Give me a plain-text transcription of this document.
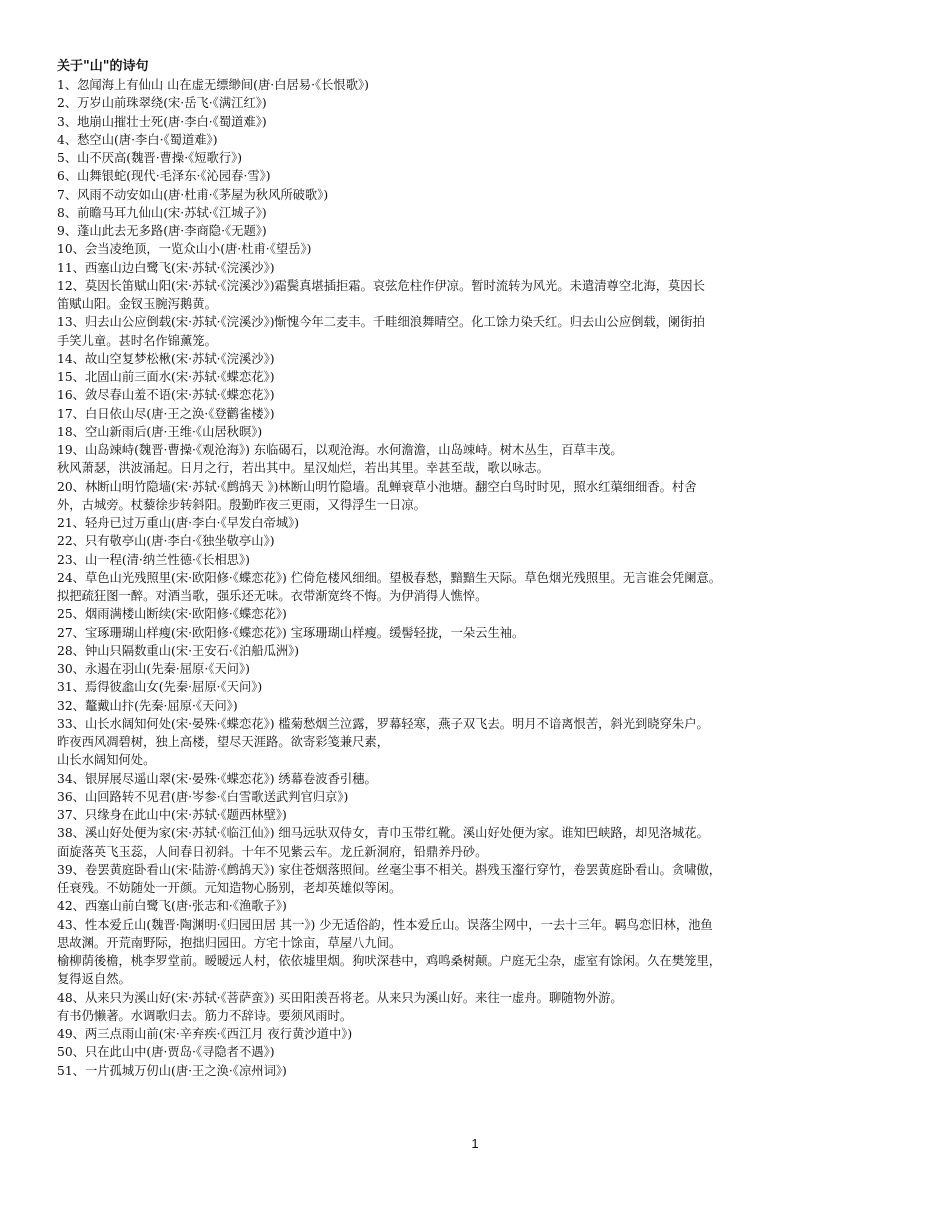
关于"山"的诗句

1、忽闻海上有仙山 山在虚无缥缈间(唐·白居易·《长恨歌》)
2、万岁山前珠翠绕(宋·岳飞·《满江红》)
3、地崩山摧壮士死(唐·李白·《蜀道难》)
4、愁空山(唐·李白·《蜀道难》)
5、山不厌高(魏晋·曹操·《短歌行》)
6、山舞银蛇(现代·毛泽东·《沁园春·雪》)
7、风雨不动安如山(唐·杜甫·《茅屋为秋风所破歌》)
8、前瞻马耳九仙山(宋·苏轼·《江城子》)
9、蓬山此去无多路(唐·李商隐·《无题》)
10、会当凌绝顶，一览众山小(唐·杜甫·《望岳》)
11、西塞山边白鹭飞(宋·苏轼·《浣溪沙》)
12、莫因长笛赋山阳(宋·苏轼·《浣溪沙》)霜鬓真堪插拒霜。哀弦危柱作伊凉。暂时流转为风光。未遣清尊空北海，莫因长
笛赋山阳。金钗玉腕泻鹅黄。
13、归去山公应倒载(宋·苏轼·《浣溪沙》)惭愧今年二麦丰。千畦细浪舞晴空。化工馀力染夭红。归去山公应倒载，阑街拍
手笑儿童。甚时名作锦薰笼。
14、故山空复梦松楸(宋·苏轼·《浣溪沙》)
15、北固山前三面水(宋·苏轼·《蝶恋花》)
16、敛尽春山羞不语(宋·苏轼·《蝶恋花》)
17、白日依山尽(唐·王之涣·《登鹳雀楼》)
18、空山新雨后(唐·王维·《山居秋暝》)
19、山岛竦峙(魏晋·曹操·《观沧海》) 东临碣石，以观沧海。水何澹澹，山岛竦峙。树木丛生，百草丰茂。
秋风萧瑟，洪波涌起。日月之行，若出其中。星汉灿烂，若出其里。幸甚至哉，歌以咏志。
20、林断山明竹隐墙(宋·苏轼·《鹧鸪天 》)林断山明竹隐墙。乱蝉衰草小池塘。翻空白鸟时时见，照水红蕖细细香。村舍
外，古城旁。杖藜徐步转斜阳。殷勤昨夜三更雨，又得浮生一日凉。
21、轻舟已过万重山(唐·李白·《早发白帝城》)
22、只有敬亭山(唐·李白·《独坐敬亭山》)
23、山一程(清·纳兰性德·《长相思》)
24、草色山光残照里(宋·欧阳修·《蝶恋花》) 伫倚危楼风细细。望极春愁，黯黯生天际。草色烟光残照里。无言谁会凭阑意。
拟把疏狂图一醉。对酒当歌，强乐还无味。衣带渐宽终不悔。为伊消得人憔悴。
25、烟雨满楼山断续(宋·欧阳修·《蝶恋花》)
27、宝琢珊瑚山样瘦(宋·欧阳修·《蝶恋花》) 宝琢珊瑚山样瘦。缓髻轻拢，一朵云生袖。
28、钟山只隔数重山(宋·王安石·《泊船瓜洲》)
30、永遏在羽山(先秦·屈原·《天问》)
31、焉得彼嵞山女(先秦·屈原·《天问》)
32、鼇戴山抃(先秦·屈原·《天问》)
33、山长水阔知何处(宋·晏殊·《蝶恋花》) 槛菊愁烟兰泣露，罗幕轻寒，燕子双飞去。明月不谙离恨苦，斜光到晓穿朱户。
昨夜西风凋碧树，独上高楼，望尽天涯路。欲寄彩笺兼尺素，
山长水阔知何处。
34、银屏展尽遥山翠(宋·晏殊·《蝶恋花》) 绣幕卷波香引穗。
36、山回路转不见君(唐·岑参·《白雪歌送武判官归京》)
37、只缘身在此山中(宋·苏轼·《题西林壁》)
38、溪山好处便为家(宋·苏轼·《临江仙》) 细马远驮双侍女，青巾玉带红靴。溪山好处便为家。谁知巴峡路，却见洛城花。
面旋落英飞玉蕊，人间春日初斜。十年不见紫云车。龙丘新洞府，铅鼎养丹砂。
39、卷罢黄庭卧看山(宋·陆游·《鹧鸪天》) 家住苍烟落照间。丝毫尘事不相关。斟残玉瀣行穿竹，卷罢黄庭卧看山。贪啸傲，
任衰残。不妨随处一开颜。元知造物心肠别，老却英雄似等闲。
42、西塞山前白鹭飞(唐·张志和·《渔歌子》)
43、性本爱丘山(魏晋·陶渊明·《归园田居 其一》) 少无适俗韵，性本爱丘山。误落尘网中，一去十三年。羁鸟恋旧林，池鱼
思故渊。开荒南野际，抱拙归园田。方宅十馀亩，草屋八九间。
榆柳荫後檐，桃李罗堂前。暧暧远人村，依依墟里烟。狗吠深巷中，鸡鸣桑树颠。户庭无尘杂，虚室有馀闲。久在樊笼里，
复得返自然。
48、从来只为溪山好(宋·苏轼·《菩萨蛮》) 买田阳羡吾将老。从来只为溪山好。来往一虚舟。聊随物外游。
有书仍懒著。水调歌归去。筋力不辞诗。要须风雨时。
49、两三点雨山前(宋·辛弃疾·《西江月 夜行黄沙道中》)
50、只在此山中(唐·贾岛·《寻隐者不遇》)
51、一片孤城万仞山(唐·王之涣·《凉州词》)
1
